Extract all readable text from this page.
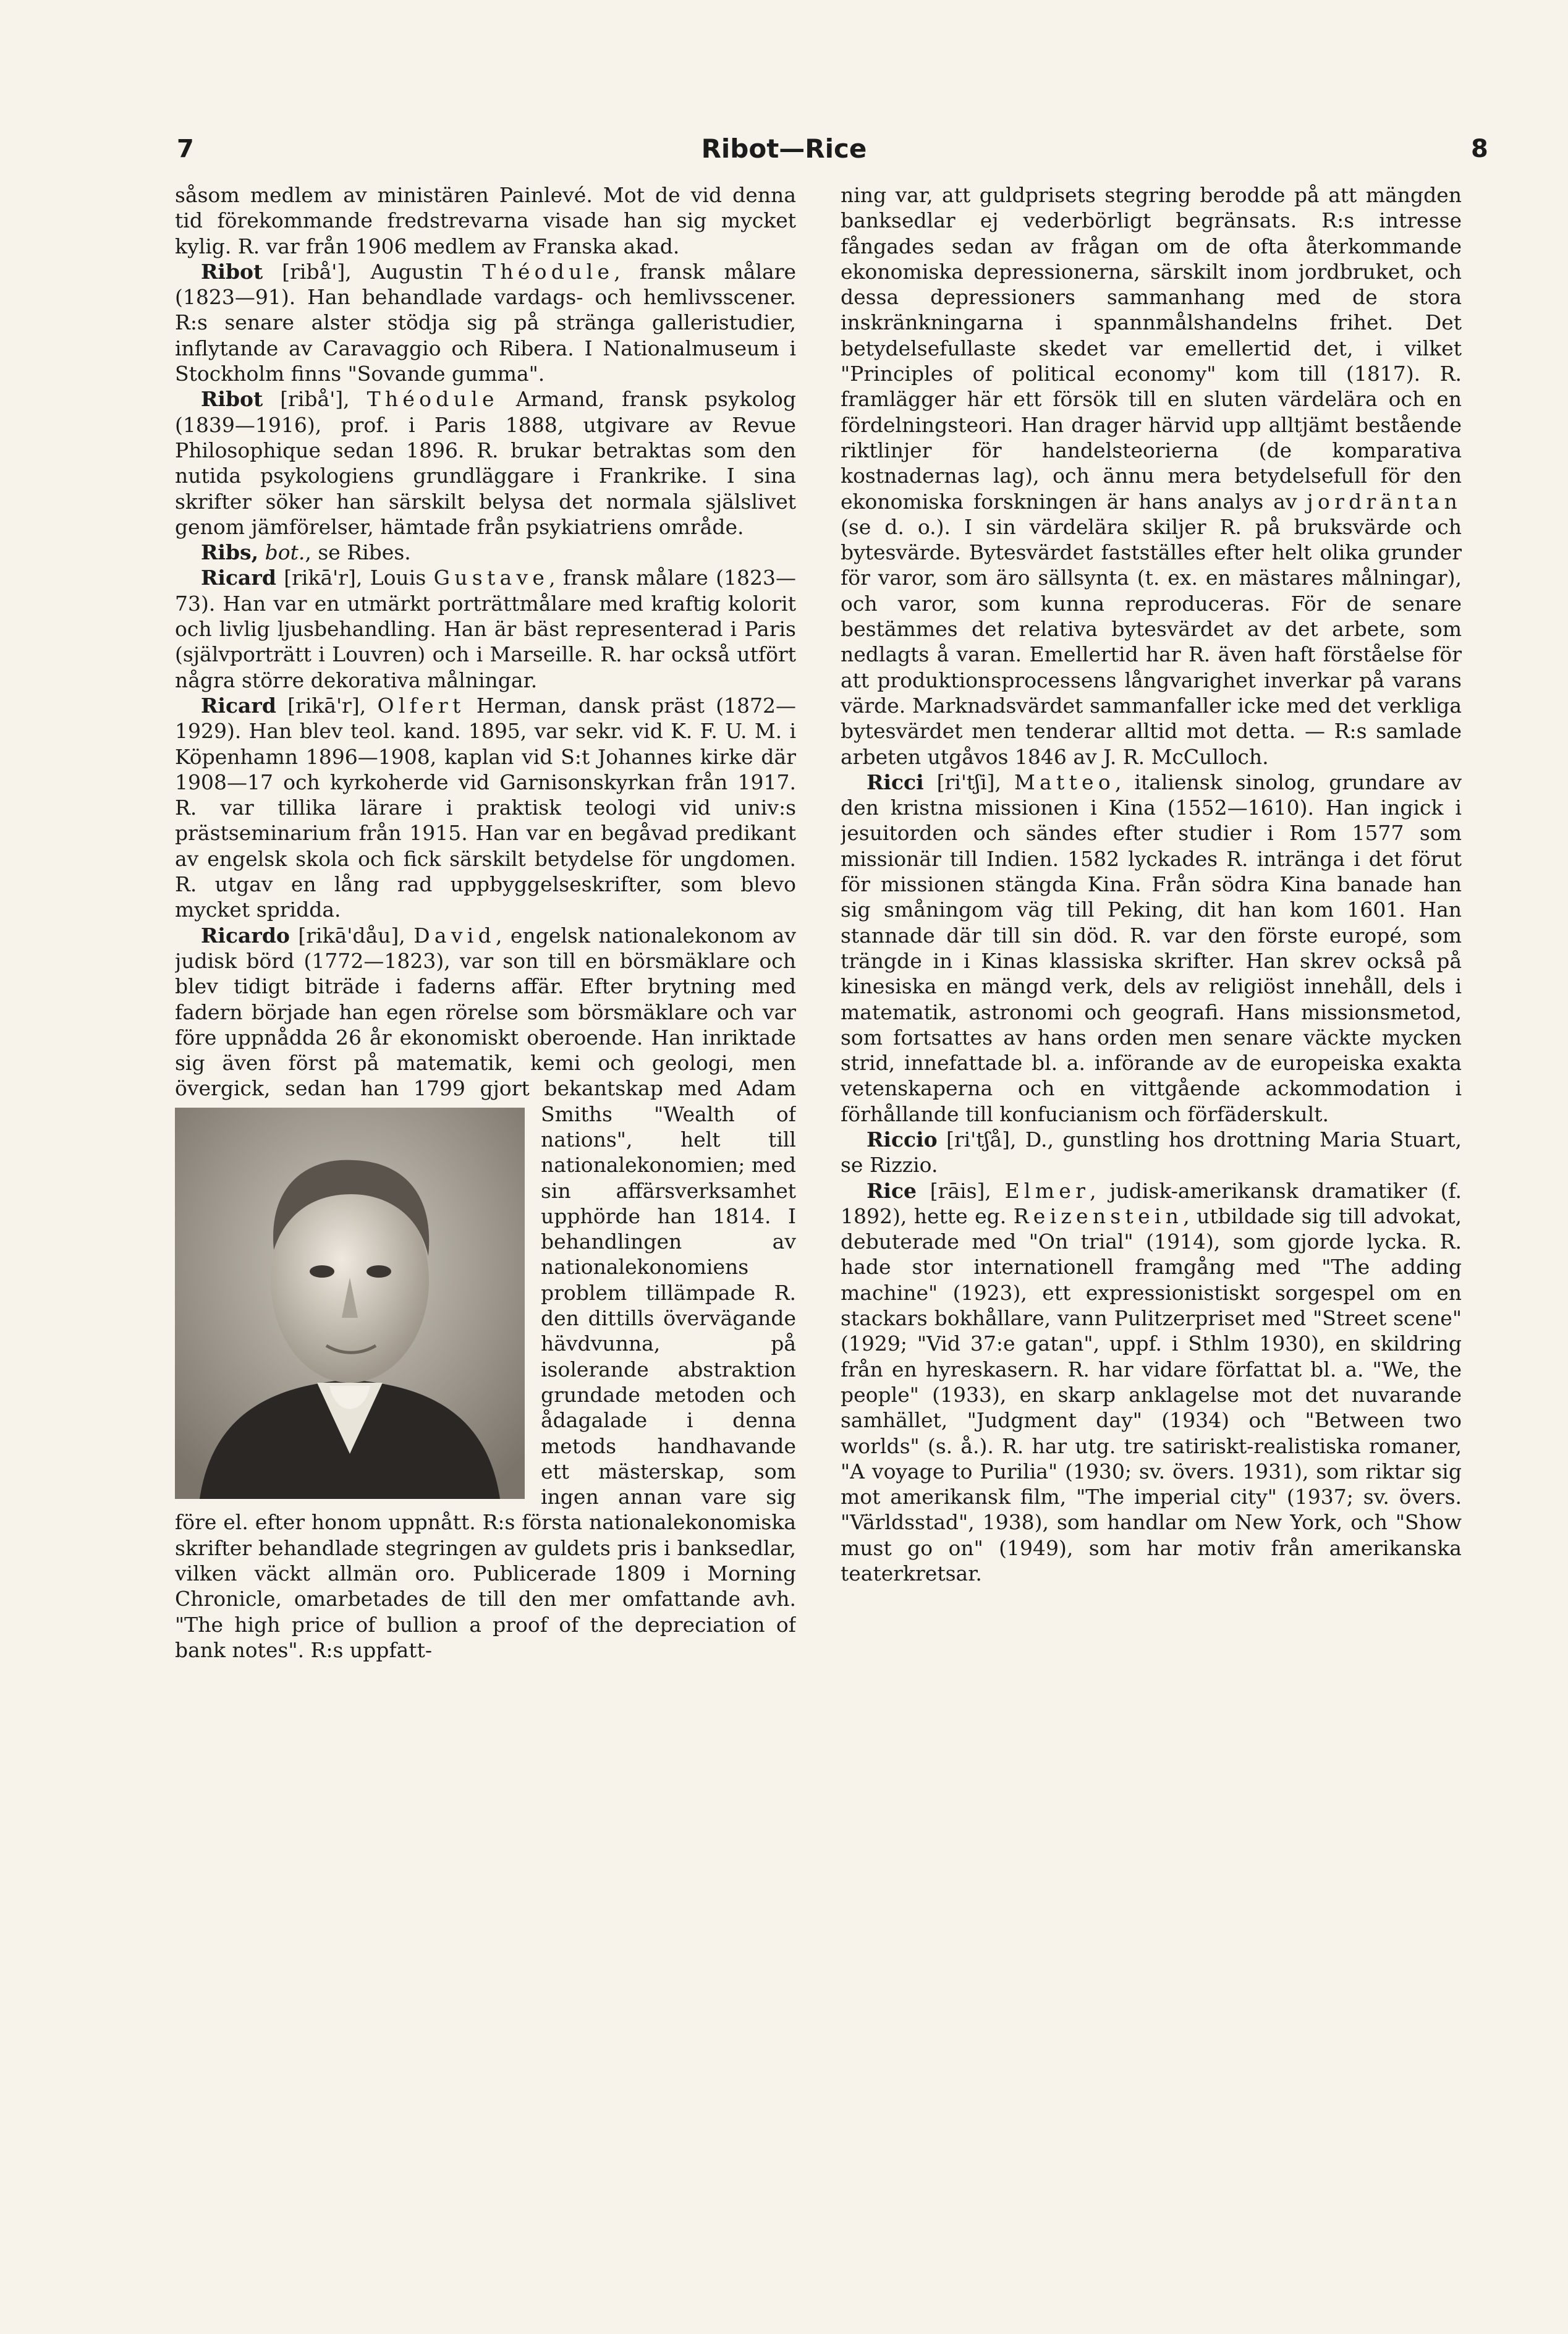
7	Ribot—Rice	8

såsom medlem av ministären Painlevé. Mot de vid denna tid förekommande fredstrevarna visade han sig mycket kylig. R. var från 1906 medlem av Franska akad.

Ribot [ribå'], Augustin Théodule, fransk målare (1823—91). Han behandlade vardags- och hemlivsscener. R:s senare alster stödja sig på stränga galleristudier, inflytande av Caravaggio och Ribera. I Nationalmuseum i Stockholm finns "Sovande gumma".

Ribot [ribå'], Théodule Armand, fransk psykolog (1839—1916), prof. i Paris 1888, utgivare av Revue Philosophique sedan 1896. R. brukar betraktas som den nutida psykologiens grundläggare i Frankrike. I sina skrifter söker han särskilt belysa det normala själslivet genom jämförelser, hämtade från psykiatriens område.

Ribs, bot., se Ribes.

Ricard [rikā'r], Louis Gustave, fransk målare (1823—73). Han var en utmärkt porträttmålare med kraftig kolorit och livlig ljusbehandling. Han är bäst representerad i Paris (självporträtt i Louvren) och i Marseille. R. har också utfört några större dekorativa målningar.

Ricard [rikā'r], Olfert Herman, dansk präst (1872—1929). Han blev teol. kand. 1895, var sekr. vid K. F. U. M. i Köpenhamn 1896—1908, kaplan vid S:t Johannes kirke där 1908—17 och kyrkoherde vid Garnisonskyrkan från 1917. R. var tillika lärare i praktisk teologi vid univ:s prästseminarium från 1915. Han var en begåvad predikant av engelsk skola och fick särskilt betydelse för ungdomen. R. utgav en lång rad uppbyggelseskrifter, som blevo mycket spridda.

Ricardo [rikā'dåu], David, engelsk nationalekonom av judisk börd (1772—1823), var son till en börsmäklare och blev tidigt biträde i faderns affär. Efter brytning med fadern började han egen rörelse som börsmäklare och var före uppnådda 26 år ekonomiskt oberoende. Han inriktade sig även först på matematik, kemi och geologi, men övergick, sedan han 1799 gjort bekantskap med Adam Smiths
"Wealth of nations", helt till nationalekonomien; med sin affärsverksamhet upphörde han 1814. I behandlingen av nationalekonomiens problem tillämpade R. den dittills övervägande hävdvunna, på isolerande abstraktion grundade metoden och ådagalade i denna metods handhavande ett mästerskap, som ingen annan vare sig före el. efter honom uppnått. R:s första nationalekonomiska skrifter behandlade stegringen av guldets pris i banksedlar, vilken väckt allmän oro. Publicerade 1809 i Morning Chronicle, omarbetades de till den mer omfattande avh. "The high price of bullion a proof of the depreciation of bank notes". R:s uppfatt-

ning var, att guldprisets stegring berodde på att mängden banksedlar ej vederbörligt begränsats. R:s intresse fångades sedan av frågan om de ofta återkommande ekonomiska depressionerna, särskilt inom jordbruket, och dessa depressioners sammanhang med de stora inskränkningarna i spannmålshandelns frihet. Det betydelsefullaste skedet var emellertid det, i vilket "Principles of political economy" kom till (1817). R. framlägger här ett försök till en sluten värdelära och en fördelningsteori. Han drager härvid upp alltjämt bestående riktlinjer för handelsteorierna (de komparativa kostnadernas lag), och ännu mera betydelsefull för den ekonomiska forskningen är hans analys av jordräntan (se d. o.). I sin värdelära skiljer R. på bruksvärde och bytesvärde. Bytesvärdet fastställes efter helt olika grunder för varor, som äro sällsynta (t. ex. en mästares målningar), och varor, som kunna reproduceras. För de senare bestämmes det relativa bytesvärdet av det arbete, som nedlagts å varan. Emellertid har R. även haft förståelse för att produktionsprocessens långvarighet inverkar på varans värde. Marknadsvärdet sammanfaller icke med det verkliga bytesvärdet men tenderar alltid mot detta. — R:s samlade arbeten utgåvos 1846 av J. R. McCulloch.

Ricci [ri'tʃi], Matteo, italiensk sinolog, grundare av den kristna missionen i Kina (1552—1610). Han ingick i jesuitorden och sändes efter studier i Rom 1577 som missionär till Indien. 1582 lyckades R. intränga i det förut för missionen stängda Kina. Från södra Kina banade han sig småningom väg till Peking, dit han kom 1601. Han stannade där till sin död. R. var den förste europé, som trängde in i Kinas klassiska skrifter. Han skrev också på kinesiska en mängd verk, dels av religiöst innehåll, dels i matematik, astronomi och geografi. Hans missionsmetod, som fortsattes av hans orden men senare väckte mycken strid, innefattade bl. a. införande av de europeiska exakta vetenskaperna och en vittgående ackommodation i förhållande till konfucianism och förfäderskult.

Riccio [ri'tʃå], D., gunstling hos drottning Maria Stuart, se Rizzio.

Rice [rāis], Elmer, judisk-amerikansk dramatiker (f. 1892), hette eg. Reizenstein, utbildade sig till advokat, debuterade med "On trial" (1914), som gjorde lycka. R. hade stor internationell framgång med "The adding machine" (1923), ett expressionistiskt sorgespel om en stackars bokhållare, vann Pulitzerpriset med "Street scene" (1929; "Vid 37:e gatan", uppf. i Sthlm 1930), en skildring från en hyreskasern. R. har vidare författat bl. a. "We, the people" (1933), en skarp anklagelse mot det nuvarande samhället, "Judgment day" (1934) och "Between two worlds" (s. å.). R. har utg. tre satiriskt-realistiska romaner, "A voyage to Purilia" (1930; sv. övers. 1931), som riktar sig mot amerikansk film, "The imperial city" (1937; sv. övers. "Världsstad", 1938), som handlar om New York, och "Show must go on" (1949), som har motiv från amerikanska teaterkretsar.
